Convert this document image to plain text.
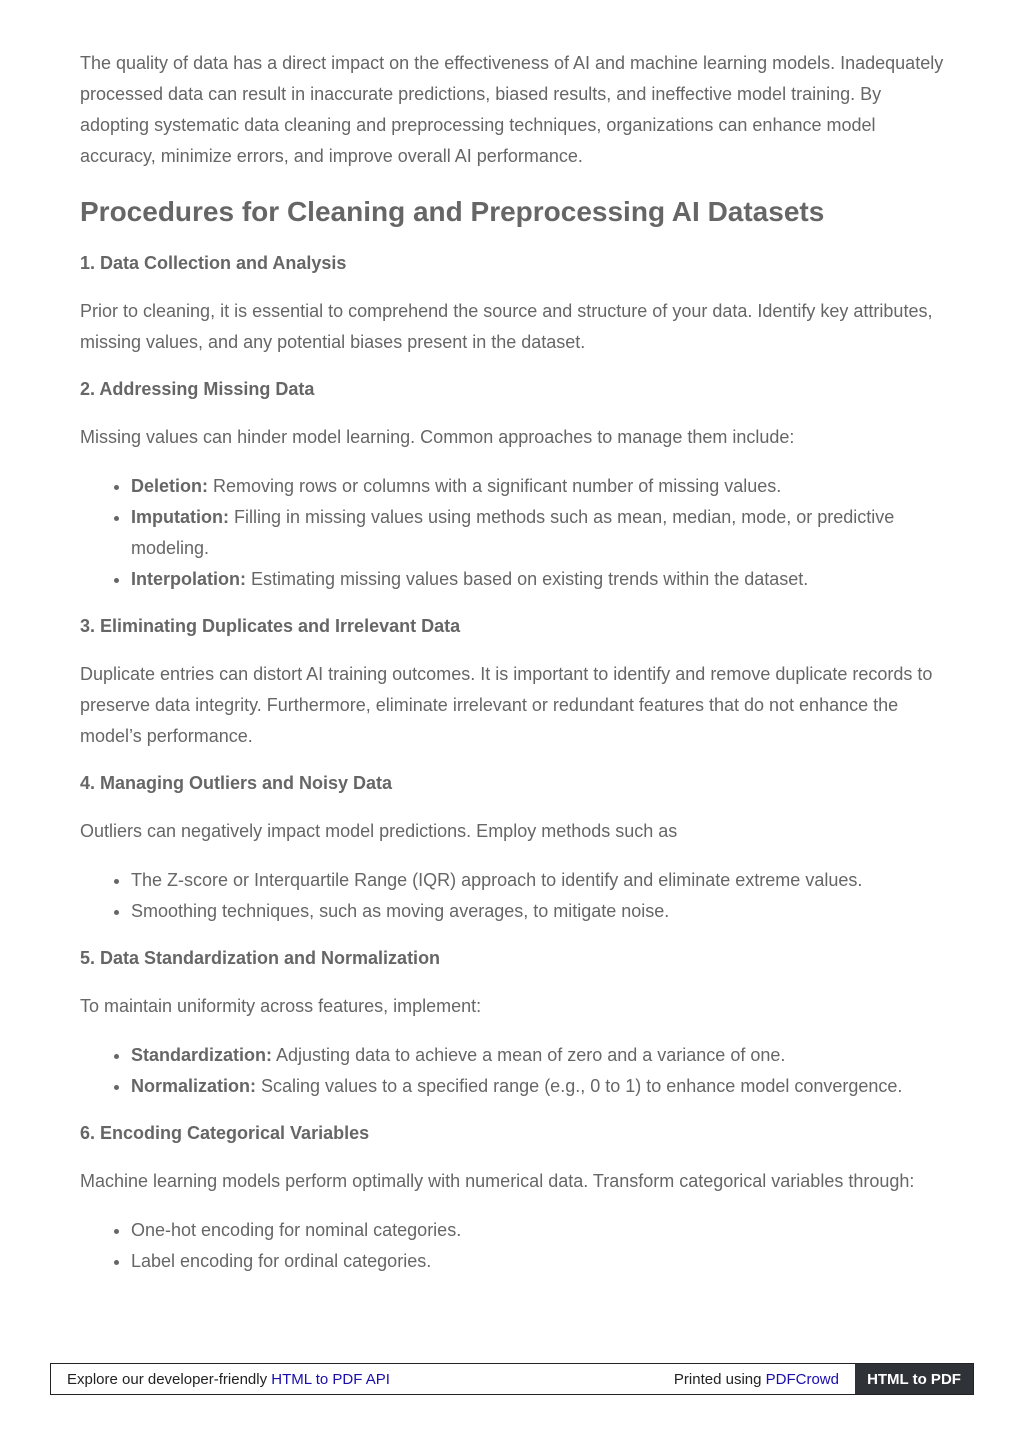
The quality of data has a direct impact on the effectiveness of AI and machine learning models. Inadequately processed data can result in inaccurate predictions, biased results, and ineffective model training. By adopting systematic data cleaning and preprocessing techniques, organizations can enhance model accuracy, minimize errors, and improve overall AI performance.

Procedures for Cleaning and Preprocessing AI Datasets
1. Data Collection and Analysis

Prior to cleaning, it is essential to comprehend the source and structure of your data. Identify key attributes, missing values, and any potential biases present in the dataset.

2. Addressing Missing Data

Missing values can hinder model learning. Common approaches to manage them include:

• Deletion: Removing rows or columns with a significant number of missing values.
• Imputation: Filling in missing values using methods such as mean, median, mode, or predictive modeling.
• Interpolation: Estimating missing values based on existing trends within the dataset.
3. Eliminating Duplicates and Irrelevant Data

Duplicate entries can distort AI training outcomes. It is important to identify and remove duplicate records to preserve data integrity. Furthermore, eliminate irrelevant or redundant features that do not enhance the model’s performance.

4. Managing Outliers and Noisy Data

Outliers can negatively impact model predictions. Employ methods such as

• The Z-score or Interquartile Range (IQR) approach to identify and eliminate extreme values.
• Smoothing techniques, such as moving averages, to mitigate noise.
5. Data Standardization and Normalization

To maintain uniformity across features, implement:

• Standardization: Adjusting data to achieve a mean of zero and a variance of one.
• Normalization: Scaling values to a specified range (e.g., 0 to 1) to enhance model convergence.
6. Encoding Categorical Variables

Machine learning models perform optimally with numerical data. Transform categorical variables through:

• One-hot encoding for nominal categories.
• Label encoding for ordinal categories.
Explore our developer-friendly HTML to PDF API	Printed using PDFCrowd	HTML to PDF
